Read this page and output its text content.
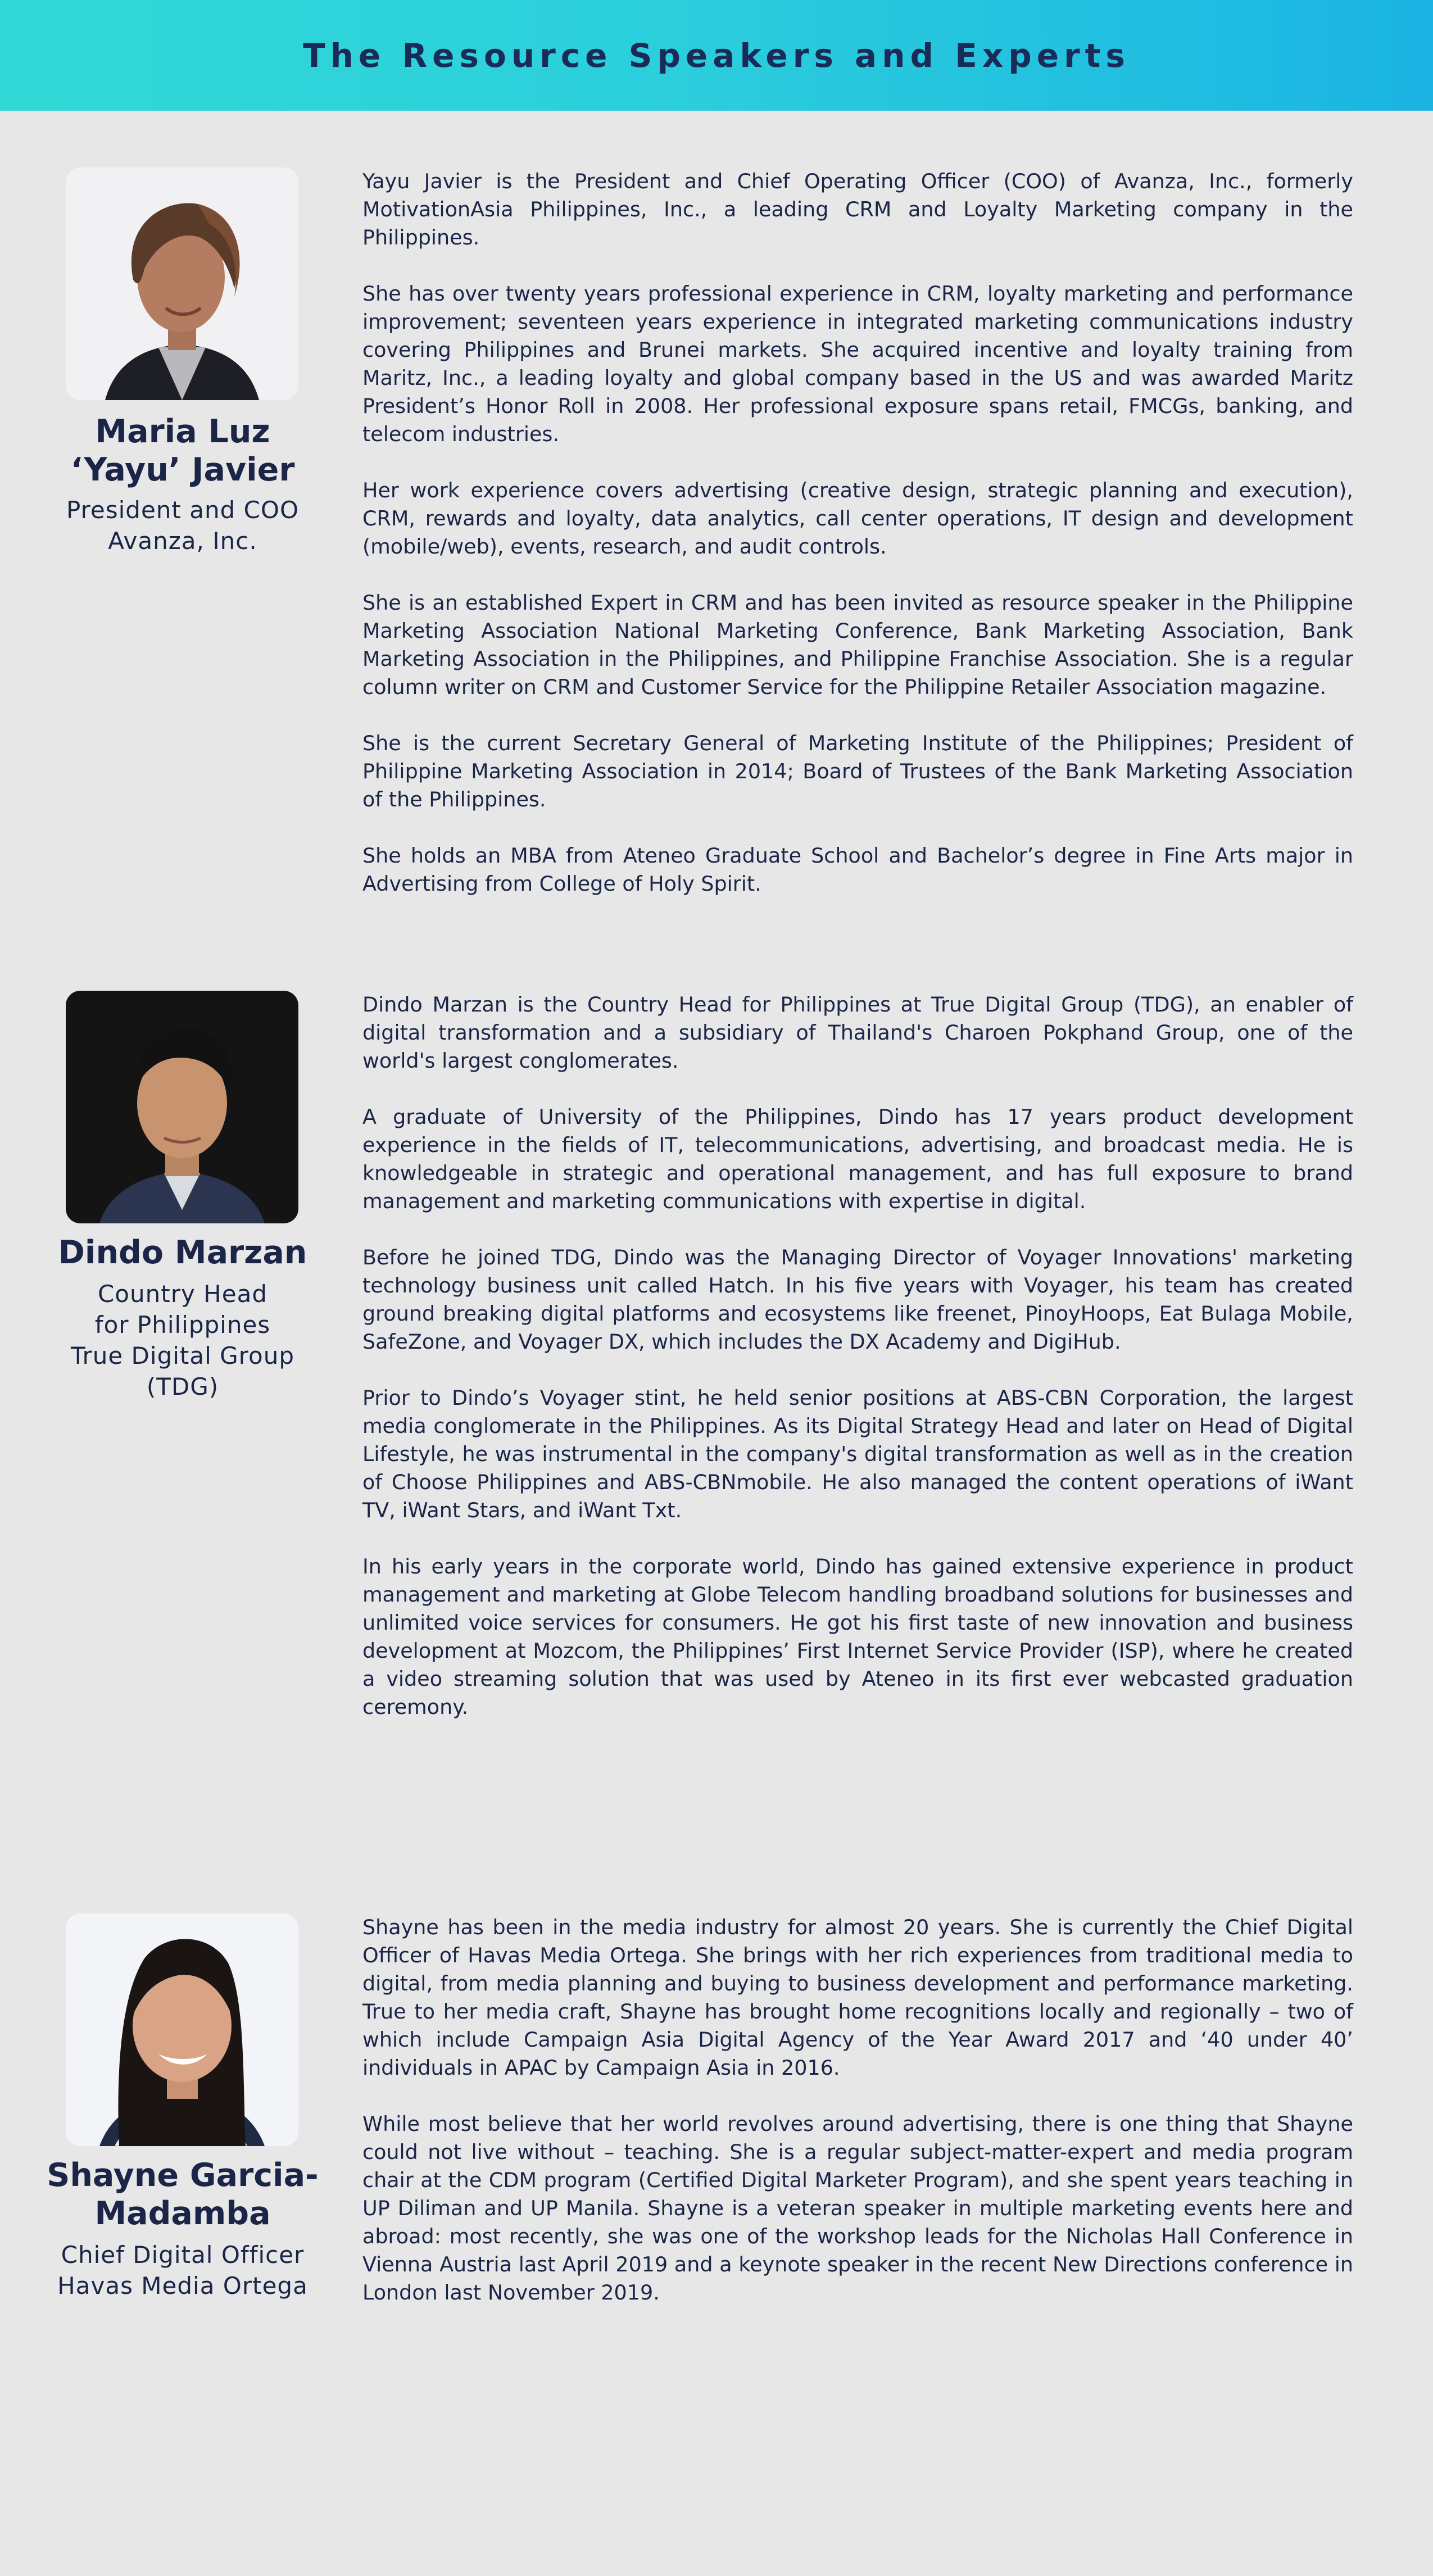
The Resource Speakers and Experts
Maria Luz
‘Yayu’ Javier
President and COO
Avanza, Inc.

Yayu Javier is the President and Chief Operating Officer (COO) of Avanza, Inc., formerly MotivationAsia Philippines, Inc., a leading CRM and Loyalty Marketing company in the Philippines.

She has over twenty years professional experience in CRM, loyalty marketing and performance improvement; seventeen years experience in integrated marketing communications industry covering Philippines and Brunei markets. She acquired incentive and loyalty training from Maritz, Inc., a leading loyalty and global company based in the US and was awarded Maritz President’s Honor Roll in 2008. Her professional exposure spans retail, FMCGs, banking, and telecom industries.

Her work experience covers advertising (creative design, strategic planning and execution), CRM, rewards and loyalty, data analytics, call center operations, IT design and development (mobile/web), events, research, and audit controls.

She is an established Expert in CRM and has been invited as resource speaker in the Philippine Marketing Association National Marketing Conference, Bank Marketing Association, Bank Marketing Association in the Philippines, and Philippine Franchise Association. She is a regular column writer on CRM and Customer Service for the Philippine Retailer Association magazine.

She is the current Secretary General of Marketing Institute of the Philippines; President of Philippine Marketing Association in 2014; Board of Trustees of the Bank Marketing Association of the Philippines.

She holds an MBA from Ateneo Graduate School and Bachelor’s degree in Fine Arts major in Advertising from College of Holy Spirit.

Dindo Marzan
Country Head
for Philippines
True Digital Group
(TDG)

Dindo Marzan is the Country Head for Philippines at True Digital Group (TDG), an enabler of digital transformation and a subsidiary of Thailand's Charoen Pokphand Group, one of the world's largest conglomerates.

A graduate of University of the Philippines, Dindo has 17 years product development experience in the fields of IT, telecommunications, advertising, and broadcast media. He is knowledgeable in strategic and operational management, and has full exposure to brand management and marketing communications with expertise in digital.

Before he joined TDG, Dindo was the Managing Director of Voyager Innovations' marketing technology business unit called Hatch. In his five years with Voyager, his team has created ground breaking digital platforms and ecosystems like freenet, PinoyHoops, Eat Bulaga Mobile, SafeZone, and Voyager DX, which includes the DX Academy and DigiHub.

Prior to Dindo’s Voyager stint, he held senior positions at ABS-CBN Corporation, the largest media conglomerate in the Philippines. As its Digital Strategy Head and later on Head of Digital Lifestyle, he was instrumental in the company's digital transformation as well as in the creation of Choose Philippines and ABS-CBNmobile. He also managed the content operations of iWant TV, iWant Stars, and iWant Txt.

In his early years in the corporate world, Dindo has gained extensive experience in product management and marketing at Globe Telecom handling broadband solutions for businesses and unlimited voice services for consumers. He got his first taste of new innovation and business development at Mozcom, the Philippines’ First Internet Service Provider (ISP), where he created a video streaming solution that was used by Ateneo in its first ever webcasted graduation ceremony.

Shayne Garcia-
Madamba
Chief Digital Officer
Havas Media Ortega

Shayne has been in the media industry for almost 20 years. She is currently the Chief Digital Officer of Havas Media Ortega. She brings with her rich experiences from traditional media to digital, from media planning and buying to business development and performance marketing. True to her media craft, Shayne has brought home recognitions locally and regionally – two of which include Campaign Asia Digital Agency of the Year Award 2017 and ‘40 under 40’ individuals in APAC by Campaign Asia in 2016.

While most believe that her world revolves around advertising, there is one thing that Shayne could not live without – teaching. She is a regular subject-matter-expert and media program chair at the CDM program (Certified Digital Marketer Program), and she spent years teaching in UP Diliman and UP Manila. Shayne is a veteran speaker in multiple marketing events here and abroad: most recently, she was one of the workshop leads for the Nicholas Hall Conference in Vienna Austria last April 2019 and a keynote speaker in the recent New Directions conference in London last November 2019.
